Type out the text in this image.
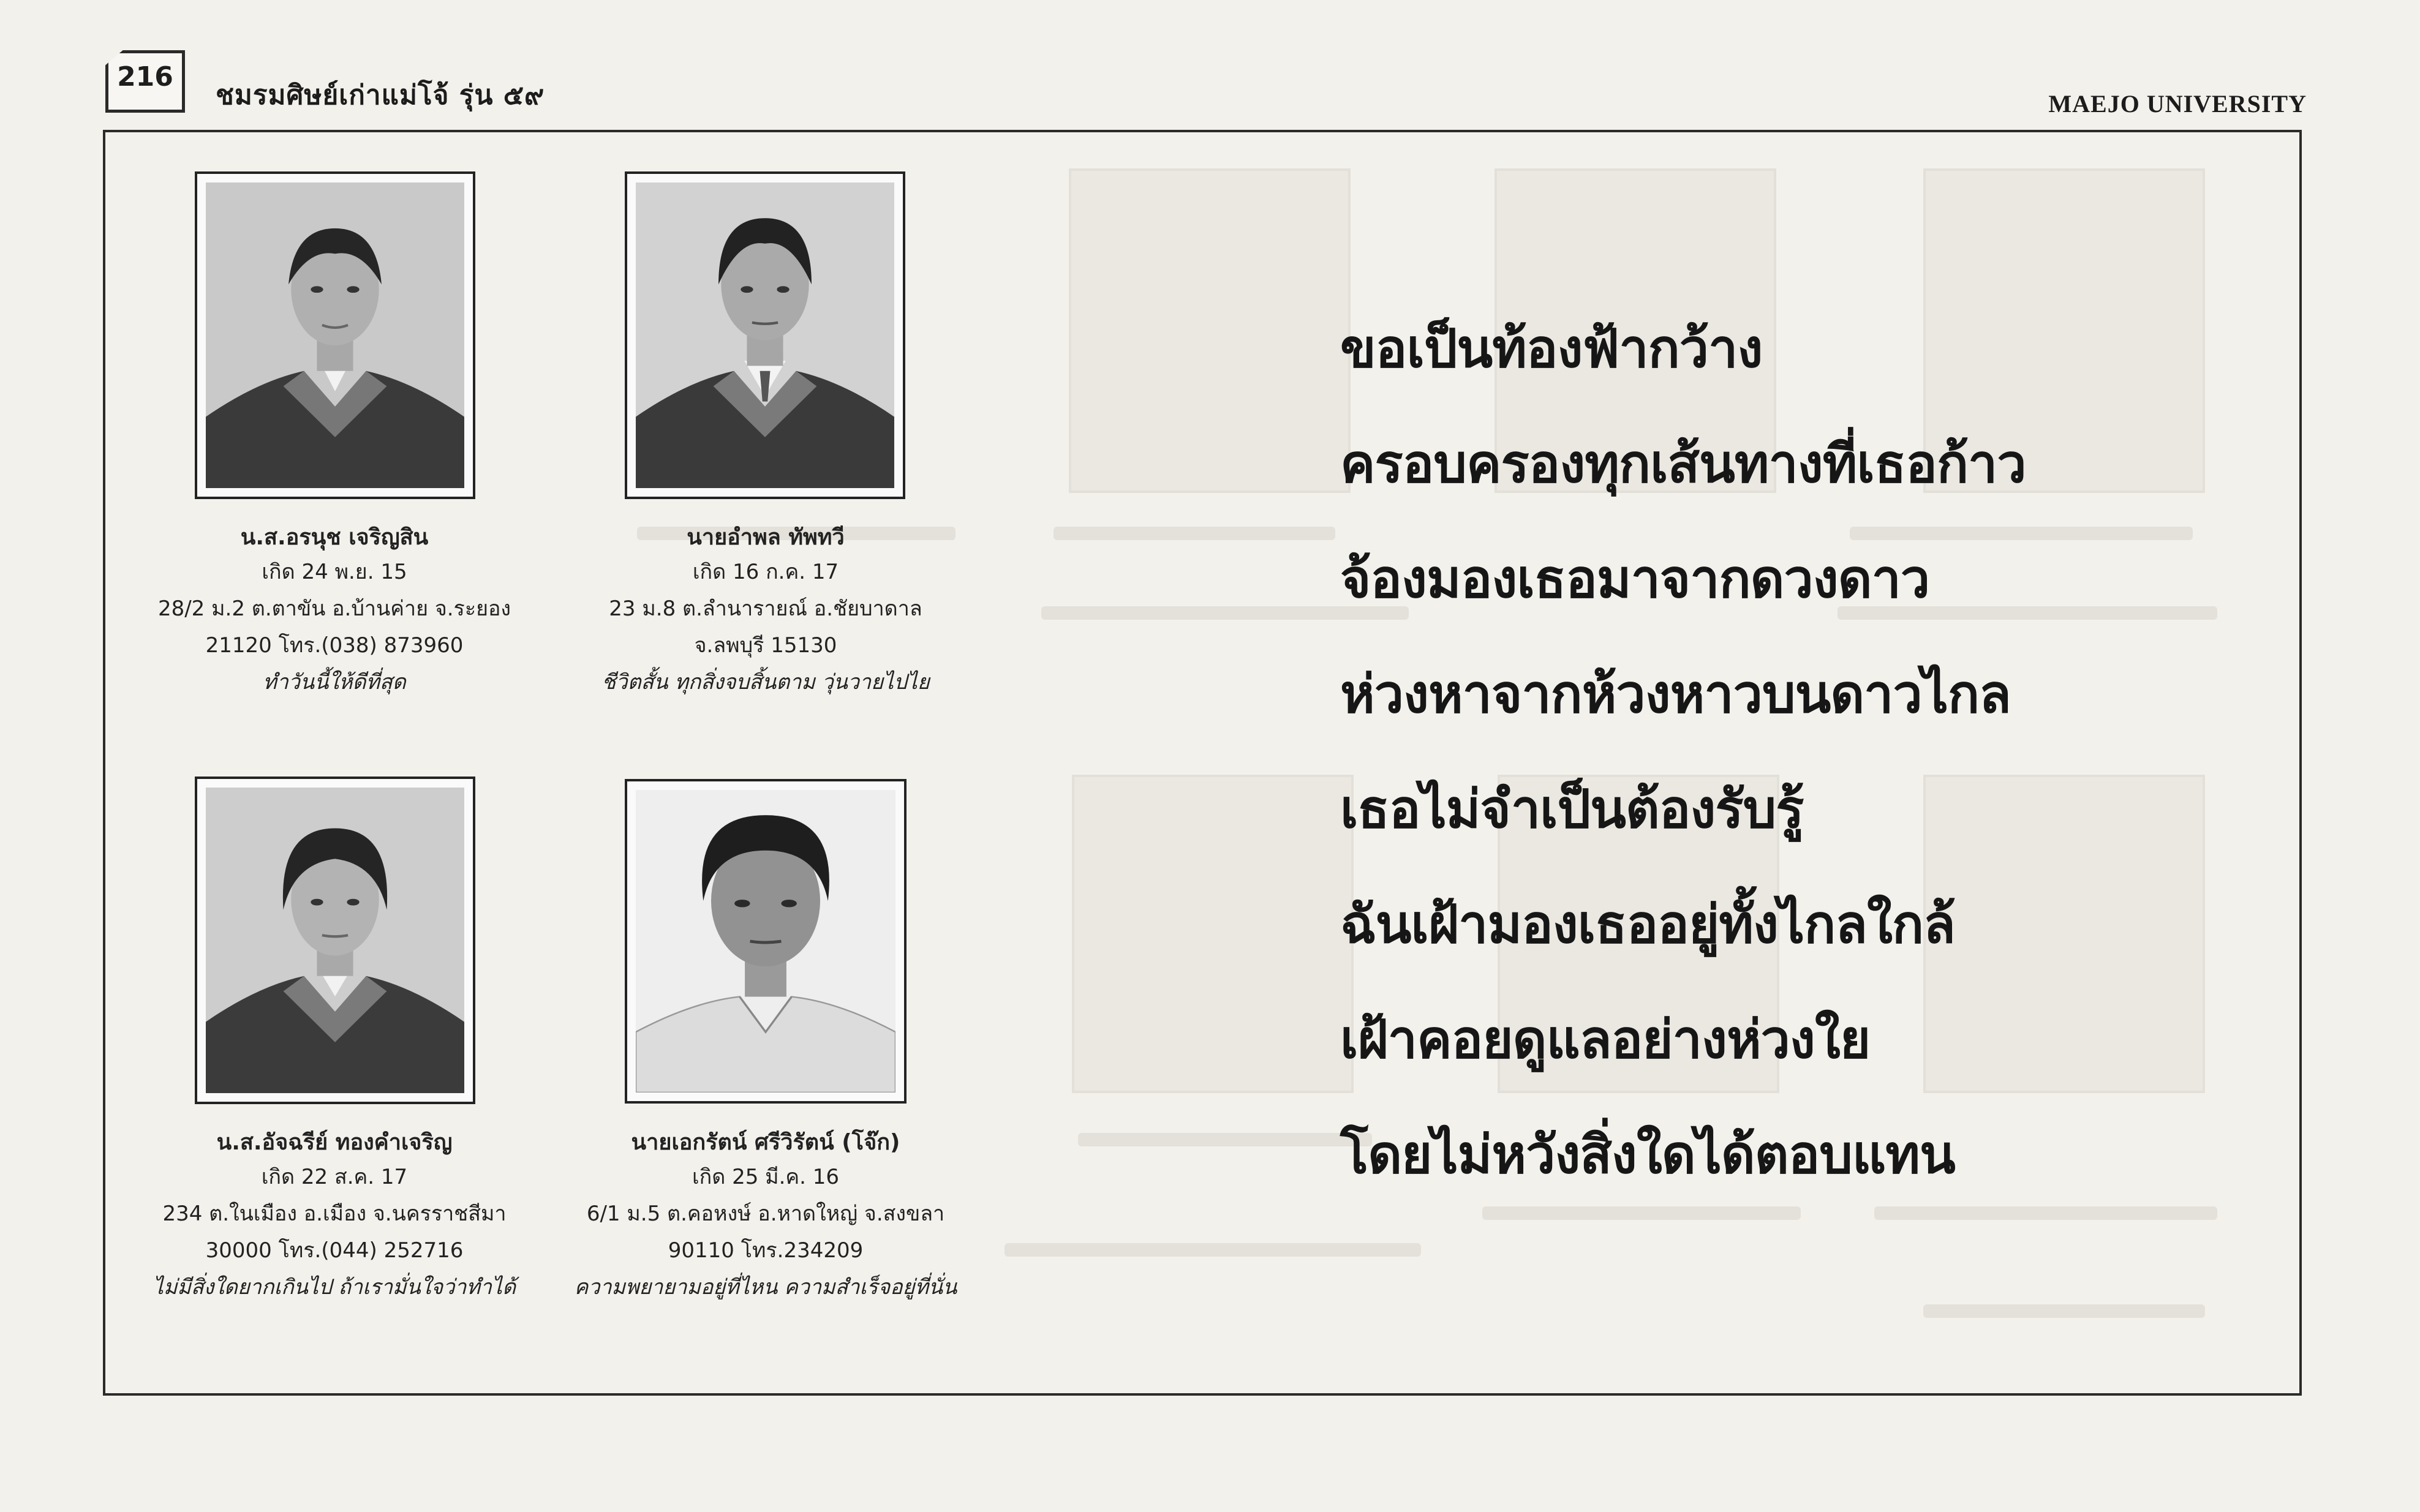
216
ชมรมศิษย์เก่าแม่โจ้ รุ่น ๕๙	MAEJO UNIVERSITY
น.ส.อรนุช เจริญสิน
เกิด 24 พ.ย. 15
28/2 ม.2 ต.ตาขัน อ.บ้านค่าย จ.ระยอง
21120 โทร.(038) 873960
ทำวันนี้ให้ดีที่สุด
นายอำพล ทัพทวี
เกิด 16 ก.ค. 17
23 ม.8 ต.ลำนารายณ์ อ.ชัยบาดาล
จ.ลพบุรี 15130
ชีวิตสั้น ทุกสิ่งจบสิ้นตาม วุ่นวายไปไย
น.ส.อัจฉรีย์ ทองคำเจริญ
เกิด 22 ส.ค. 17
234 ต.ในเมือง อ.เมือง จ.นครราชสีมา
30000 โทร.(044) 252716
ไม่มีสิ่งใดยากเกินไป ถ้าเรามั่นใจว่าทำได้
นายเอกรัตน์ ศรีวิรัตน์ (โจ๊ก)
เกิด 25 มี.ค. 16
6/1 ม.5 ต.คอหงษ์ อ.หาดใหญ่ จ.สงขลา
90110 โทร.234209
ความพยายามอยู่ที่ไหน ความสำเร็จอยู่ที่นั่น
ขอเป็นท้องฟ้ากว้าง
ครอบครองทุกเส้นทางที่เธอก้าว
จ้องมองเธอมาจากดวงดาว
ห่วงหาจากห้วงหาวบนดาวไกล
เธอไม่จำเป็นต้องรับรู้
ฉันเฝ้ามองเธออยู่ทั้งไกลใกล้
เฝ้าคอยดูแลอย่างห่วงใย
โดยไม่หวังสิ่งใดได้ตอบแทน
